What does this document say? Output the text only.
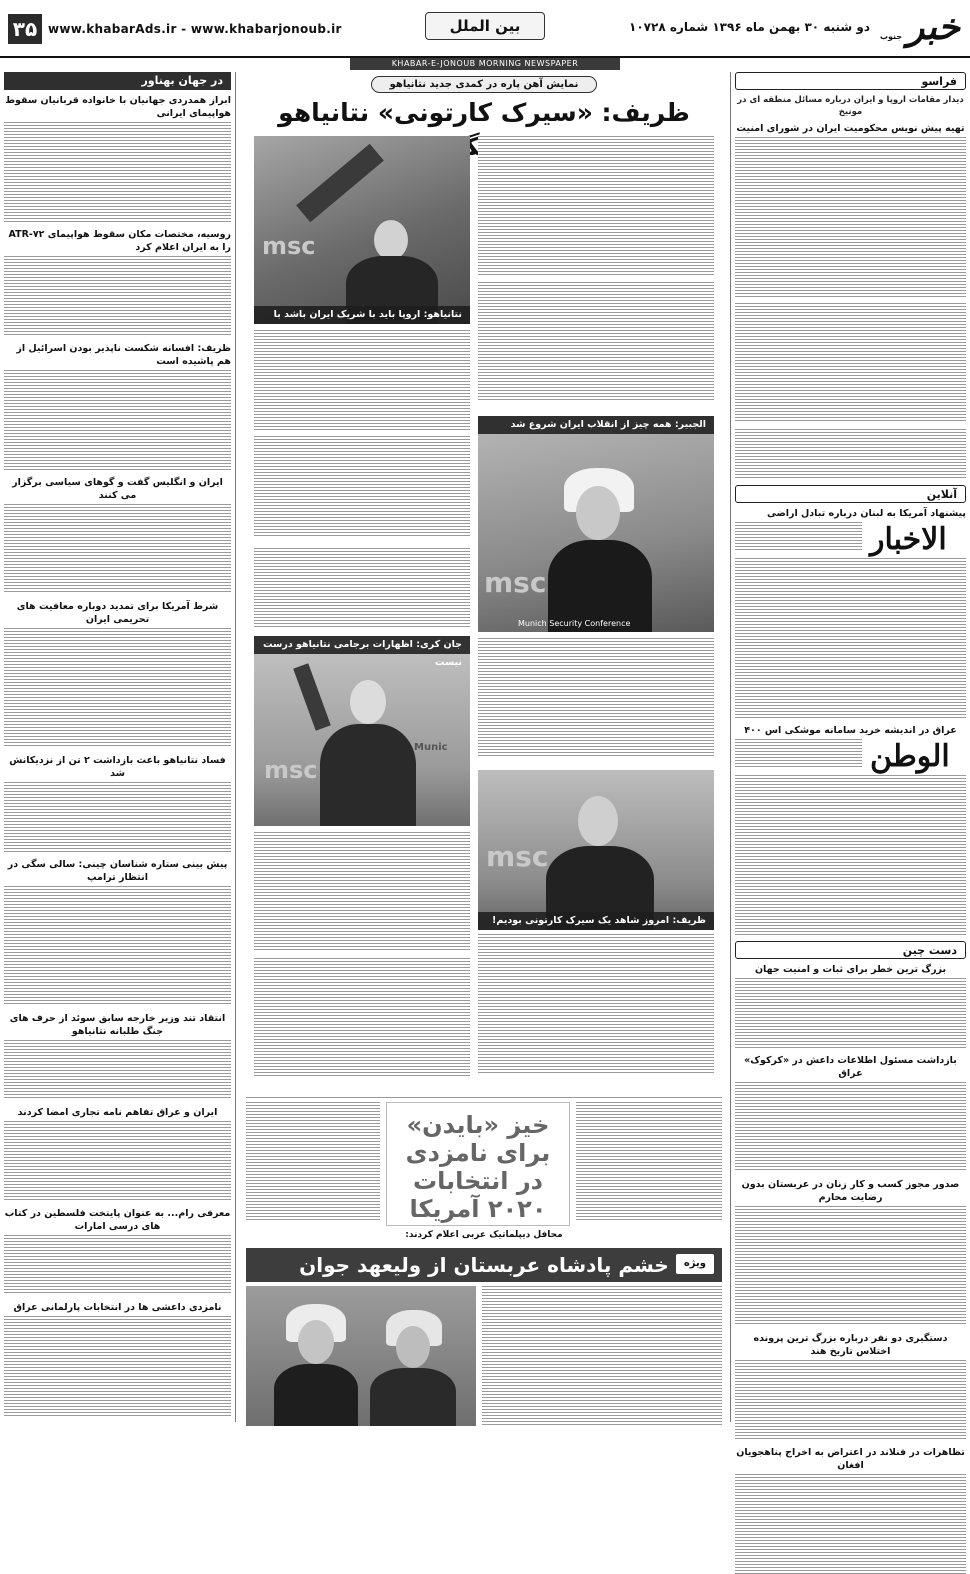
۳۵ www.khabarAds.ir - www.khabarjonoub.ir	بین الملل	دو شنبه ۳۰ بهمن ماه ۱۳۹۶ شماره ۱۰۷۲۸ خبر
جنوب
KHABAR-E-JONOUB MORNING NEWSPAPER
در جهان بهناور
ابراز همدردی جهانیان با خانواده قربانیان سقوط هواپیمای ایرانی
روسیه، مختصات مکان سقوط هواپیمای ATR-۷۲ را به ایران اعلام کرد
ظریف: افسانه شکست ناپذیر بودن اسرائیل از هم پاشیده است
ایران و انگلیس گفت و گوهای سیاسی برگزار می کنند
شرط آمریکا برای تمدید دوباره معافیت های تحریمی ایران
فساد نتانیاهو باعث بازداشت ۲ تن از نزدیکانش شد
پیش بینی ستاره شناسان چینی: سالی سگی در انتظار ترامپ
انتقاد تند وزیر خارجه سابق سوئد از حرف های جنگ طلبانه نتانیاهو
ایران و عراق تفاهم نامه تجاری امضا کردند
معرفی رام... به عنوان پایتخت فلسطین در کتاب های درسی امارات
نامزدی داعشی ها در انتخابات پارلمانی عراق
نمایش آهن پاره در کمدی جدید نتانیاهو
ظریف: «سیرک کارتونی» نتانیاهو
msc
نتانیاهو: اروپا باید با شریک ایران باشد با
الجبیر: همه چیز از انقلاب ایران شروع شد
msc
Munich Security Conference
جان کری: اظهارات برجامی نتانیاهو درست نیست
msc
Munic
msc
ظریف: امروز شاهد یک سیرک کارتونی بودیم!
خیز «بایدن» برای نامزدی در انتخابات ۲۰۲۰ آمریکا
محافل دیپلماتیک عربی اعلام کردند:
خشم پادشاه عربستان از ولیعهد جوان	ویژه
فراسو
دیدار مقامات اروپا و ایران درباره مسائل منطقه ای در مونیخ
تهیه پیش نویس محکومیت ایران در شورای امنیت
آنلاین
پیشنهاد آمریکا به لبنان درباره تبادل اراضی
الاخبار
عراق در اندیشه خرید سامانه موشکی اس ۴۰۰
الوطن
دست چین
بزرگ ترین خطر برای ثبات و امنیت جهان
بازداشت مسئول اطلاعات داعش در «کرکوک» عراق
صدور مجوز کسب و کار زنان در عربستان بدون رضایت محارم
دستگیری دو نفر درباره بزرگ ترین پرونده اختلاس تاریخ هند
تظاهرات در فنلاند در اعتراض به اخراج پناهجویان افغان
